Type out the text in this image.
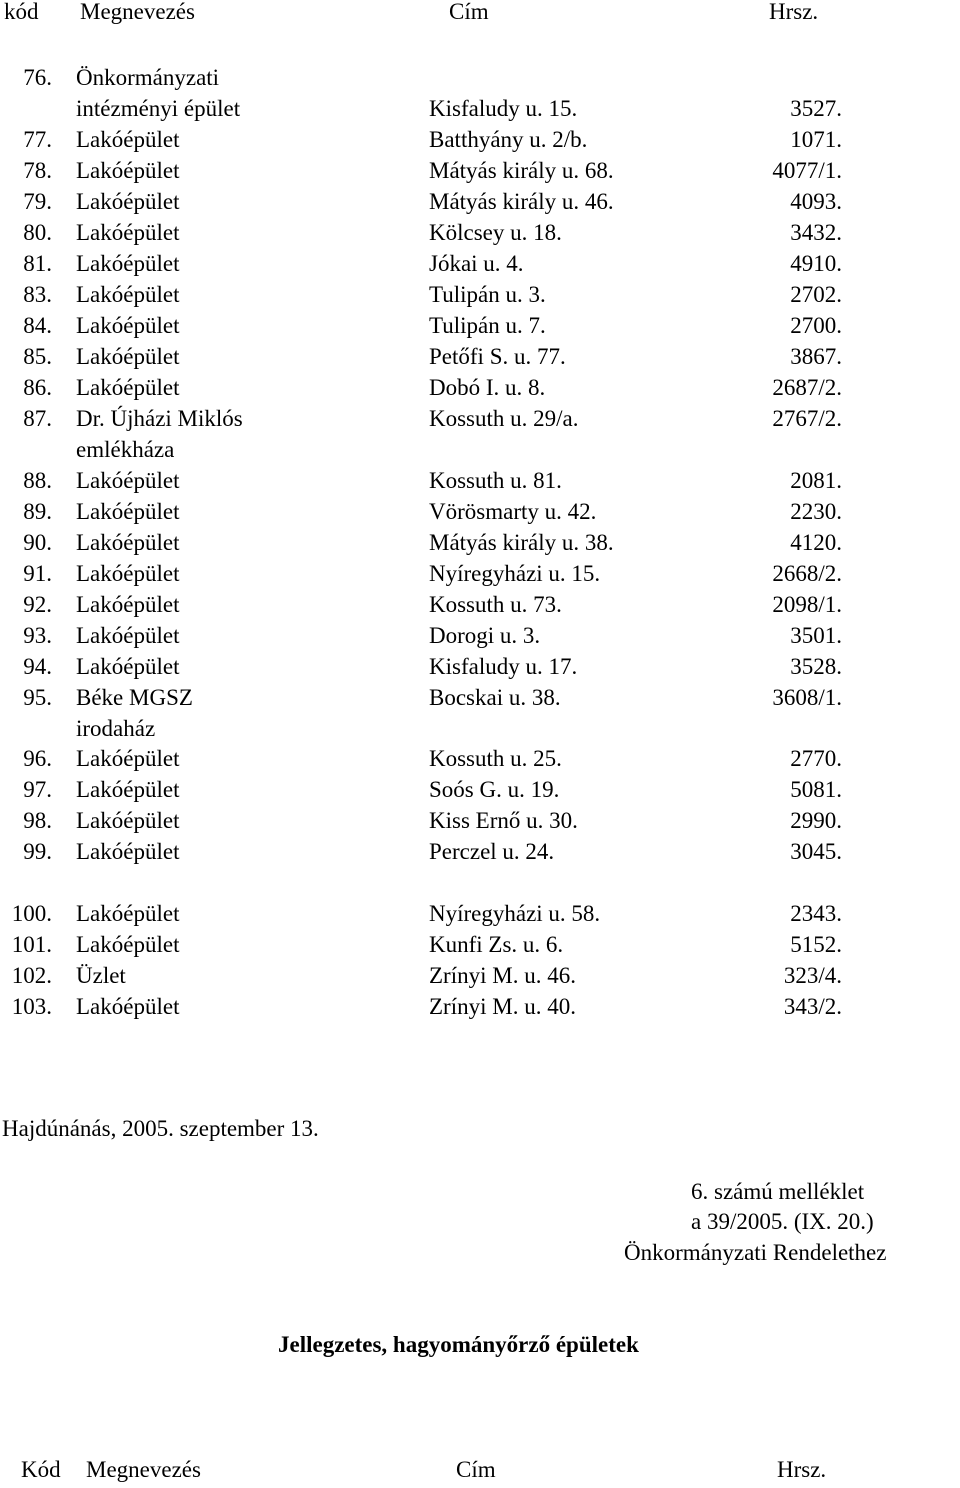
kód Megnevezés	Cím	Hrsz.
76. Önkormányzati
intézményi épület	Kisfaludy u. 15.	3527.
77. Lakóépület	Batthyány u. 2/b.	1071.
78. Lakóépület	Mátyás király u. 68.	4077/1.
79. Lakóépület	Mátyás király u. 46.	4093.
80. Lakóépület	Kölcsey u. 18.	3432.
81. Lakóépület	Jókai u. 4.	4910.
83. Lakóépület	Tulipán u. 3.	2702.
84. Lakóépület	Tulipán u. 7.	2700.
85. Lakóépület	Petőfi S. u. 77.	3867.
86. Lakóépület	Dobó I. u. 8.	2687/2.
87. Dr. Újházi Miklós
emlékháza
Kossuth u. 29/a.	2767/2.
88. Lakóépület	Kossuth u. 81.	2081.
89. Lakóépület	Vörösmarty u. 42.	2230.
90. Lakóépület	Mátyás király u. 38.	4120.
91. Lakóépület	Nyíregyházi u. 15.	2668/2.
92. Lakóépület	Kossuth u. 73.	2098/1.
93. Lakóépület	Dorogi u. 3.	3501.
94. Lakóépület	Kisfaludy u. 17.	3528.
95. Béke MGSZ
irodaház
Bocskai u. 38.	3608/1.
96. Lakóépület	Kossuth u. 25.	2770.
97. Lakóépület	Soós G. u. 19.	5081.
98. Lakóépület	Kiss Ernő u. 30.	2990.
99. Lakóépület	Perczel u. 24.	3045.
100. Lakóépület	Nyíregyházi u. 58.	2343.
101. Lakóépület	Kunfi Zs. u. 6.	5152.
102. Üzlet	Zrínyi M. u. 46.	323/4.
103. Lakóépület	Zrínyi M. u. 40.	343/2.
Hajdúnánás, 2005. szeptember 13.
6. számú melléklet
a 39/2005. (IX. 20.)
Önkormányzati Rendelethez
Jellegzetes, hagyományőrző épületek
Kód Megnevezés	Cím	Hrsz.
